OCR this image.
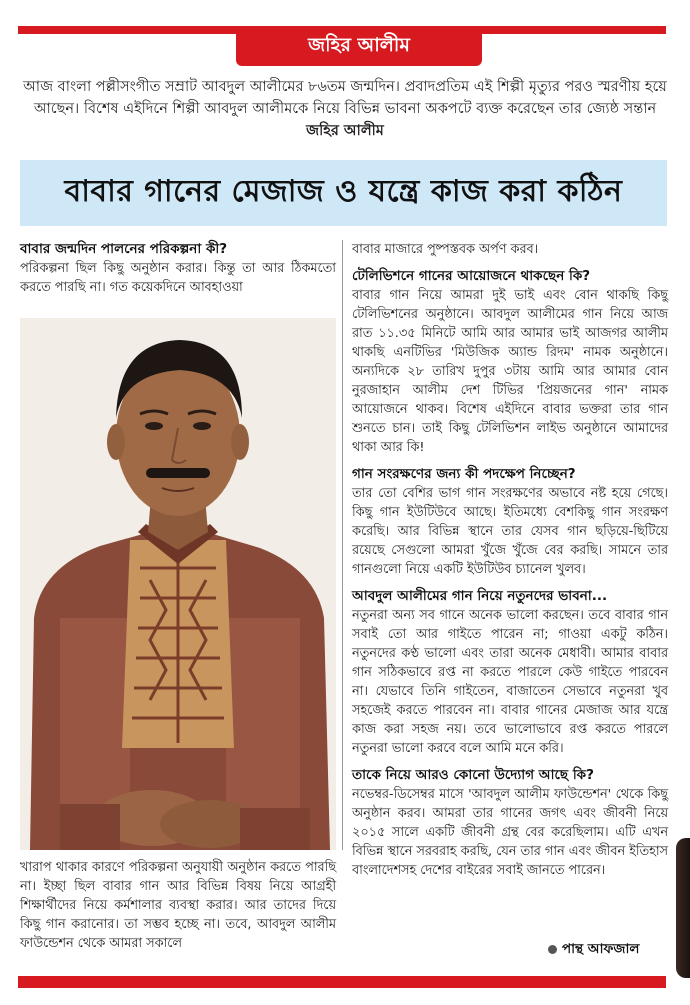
জহির আলীম

আজ বাংলা পল্লীসংগীত সম্রাট আবদুল আলীমের ৮৬তম জন্মদিন। প্রবাদপ্রতিম এই শিল্পী মৃত্যুর পরও স্মরণীয় হয়ে আছেন। বিশেষ এইদিনে শিল্পী আবদুল আলীমকে নিয়ে বিভিন্ন ভাবনা অকপটে ব্যক্ত করেছেন তার জ্যেষ্ঠ সন্তান জহির আলীম

বাবার গানের মেজাজ ও যন্ত্রে কাজ করা কঠিন

বাবার জন্মদিন পালনের পরিকল্পনা কী?

পরিকল্পনা ছিল কিছু অনুষ্ঠান করার। কিন্তু তা আর ঠিকমতো করতে পারছি না। গত কয়েকদিনে আবহাওয়া

খারাপ থাকার কারণে পরিকল্পনা অনুযায়ী অনুষ্ঠান করতে পারছি না। ইচ্ছা ছিল বাবার গান আর বিভিন্ন বিষয় নিয়ে আগ্রহী শিক্ষার্থীদের নিয়ে কর্মশালার ব্যবস্থা করার। আর তাদের দিয়ে কিছু গান করানোর। তা সম্ভব হচ্ছে না। তবে, আবদুল আলীম ফাউন্ডেশন থেকে আমরা সকালে

বাবার মাজারে পুষ্পস্তবক অর্পণ করব।

টেলিভিশনে গানের আয়োজনে থাকছেন কি?

বাবার গান নিয়ে আমরা দুই ভাই এবং বোন থাকছি কিছু টেলিভিশনের অনুষ্ঠানে। আবদুল আলীমের গান নিয়ে আজ রাত ১১.৩৫ মিনিটে আমি আর আমার ভাই আজগর আলীম থাকছি এনটিভির 'মিউজিক অ্যান্ড রিদম' নামক অনুষ্ঠানে। অন্যদিকে ২৮ তারিখ দুপুর ৩টায় আমি আর আমার বোন নুরজাহান আলীম দেশ টিভির 'প্রিয়জনের গান' নামক আয়োজনে থাকব। বিশেষ এইদিনে বাবার ভক্তরা তার গান শুনতে চান। তাই কিছু টেলিভিশন লাইভ অনুষ্ঠানে আমাদের থাকা আর কি!

গান সংরক্ষণের জন্য কী পদক্ষেপ নিচ্ছেন?

তার তো বেশির ভাগ গান সংরক্ষণের অভাবে নষ্ট হয়ে গেছে। কিছু গান ইউটিউবে আছে। ইতিমধ্যে বেশকিছু গান সংরক্ষণ করেছি। আর বিভিন্ন স্থানে তার যেসব গান ছড়িয়ে-ছিটিয়ে রয়েছে সেগুলো আমরা খুঁজে খুঁজে বের করছি। সামনে তার গানগুলো নিয়ে একটি ইউটিউব চ্যানেল খুলব।

আবদুল আলীমের গান নিয়ে নতুনদের ভাবনা...

নতুনরা অন্য সব গানে অনেক ভালো করছেন। তবে বাবার গান সবাই তো আর গাইতে পারেন না; গাওয়া একটু কঠিন। নতুনদের কণ্ঠ ভালো এবং তারা অনেক মেধাবী। আমার বাবার গান সঠিকভাবে রপ্ত না করতে পারলে কেউ গাইতে পারবেন না। যেভাবে তিনি গাইতেন, বাজাতেন সেভাবে নতুনরা খুব সহজেই করতে পারবেন না। বাবার গানের মেজাজ আর যন্ত্রে কাজ করা সহজ নয়। তবে ভালোভাবে রপ্ত করতে পারলে নতুনরা ভালো করবে বলে আমি মনে করি।

তাকে নিয়ে আরও কোনো উদ্যোগ আছে কি?

নভেম্বর-ডিসেম্বর মাসে 'আবদুল আলীম ফাউন্ডেশন' থেকে কিছু অনুষ্ঠান করব। আমরা তার গানের জগৎ এবং জীবনী নিয়ে ২০১৫ সালে একটি জীবনী গ্রন্থ বের করেছিলাম। এটি এখন বিভিন্ন স্থানে সরবরাহ করছি, যেন তার গান এবং জীবন ইতিহাস বাংলাদেশসহ দেশের বাইরের সবাই জানতে পারেন।

পান্থ আফজাল
